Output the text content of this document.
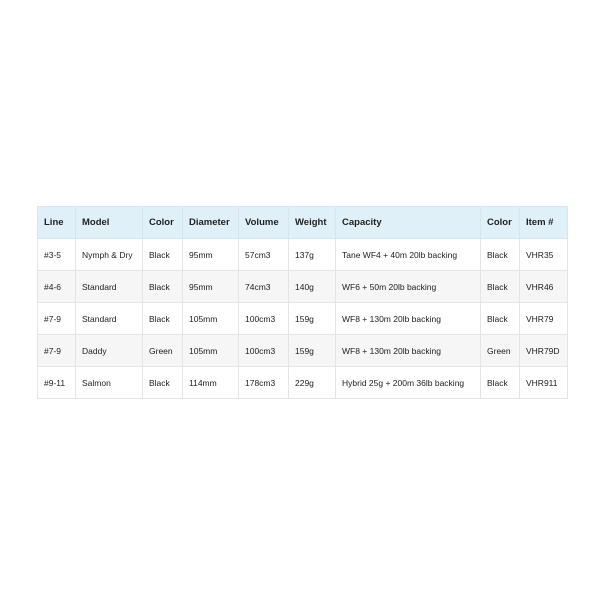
Line	Model	Color	Diameter	Volume	Weight	Capacity	Color	Item #
#3-5	Nymph & Dry	Black	95mm	57cm3	137g	Tane WF4 + 40m 20lb backing	Black	VHR35
#4-6	Standard	Black	95mm	74cm3	140g	WF6 + 50m 20lb backing	Black	VHR46
#7-9	Standard	Black	105mm	100cm3	159g	WF8 + 130m 20lb backing	Black	VHR79
#7-9	Daddy	Green	105mm	100cm3	159g	WF8 + 130m 20lb backing	Green	VHR79D
#9-11	Salmon	Black	114mm	178cm3	229g	Hybrid 25g + 200m 36lb backing	Black	VHR911
